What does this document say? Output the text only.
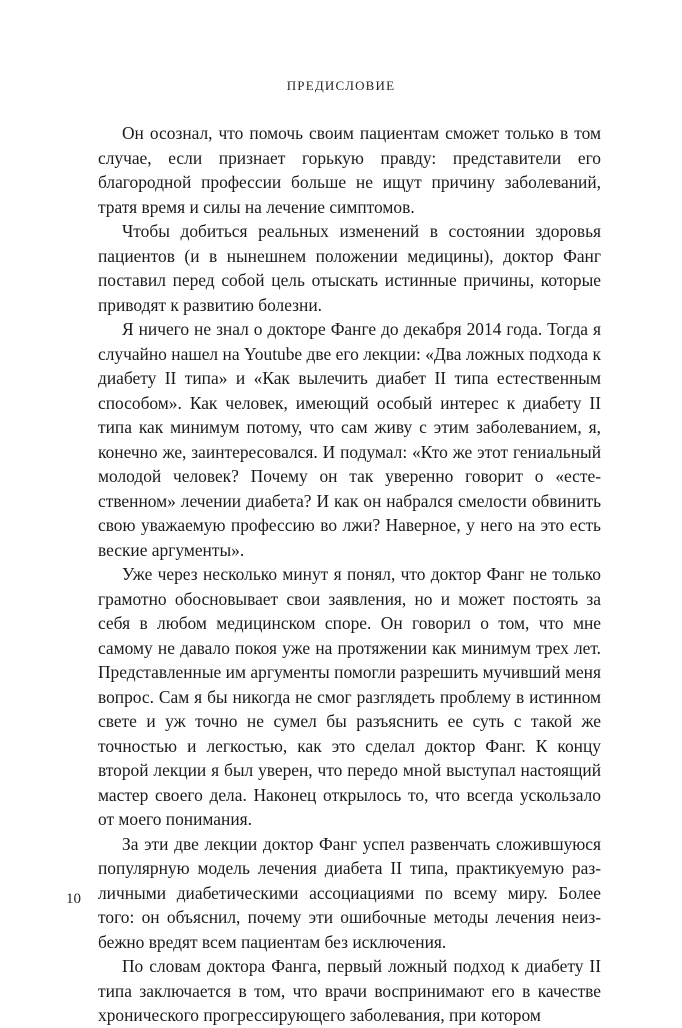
ПРЕДИСЛОВИЕ

Он осознал, что помочь своим пациентам сможет только в том случае, если признает горькую правду: представители его благородной профессии больше не ищут причину заболеваний, тратя время и силы на лечение симптомов.

Чтобы добиться реальных изменений в состоянии здоровья пациентов (и в нынешнем положении медицины), доктор Фанг поставил перед собой цель отыскать истинные причины, которые приводят к развитию болезни.

Я ничего не знал о докторе Фанге до декабря 2014 года. Тогда я случайно нашел на Youtube две его лекции: «Два ложных подхода к диабету II типа» и «Как вылечить диабет II типа естественным способом». Как человек, имеющий особый интерес к диабету II типа как минимум потому, что сам живу с этим заболеванием, я, конечно же, заинтересовался. И подумал: «Кто же этот гениальный молодой человек? Почему он так уверенно говорит о «естественном» лечении диабета? И как он набрался смелости обвинить свою уважаемую профессию во лжи? Наверное, у него на это есть веские аргументы».

Уже через несколько минут я понял, что доктор Фанг не только грамотно обосновывает свои заявления, но и может постоять за себя в любом медицинском споре. Он говорил о том, что мне самому не давало покоя уже на протяжении как минимум трех лет. Представленные им аргументы помогли разрешить мучивший меня вопрос. Сам я бы никогда не смог разглядеть проблему в истинном свете и уж точно не сумел бы разъяснить ее суть с такой же точностью и легкостью, как это сделал доктор Фанг. К концу второй лекции я был уверен, что передо мной выступал настоящий мастер своего дела. Наконец открылось то, что всегда ускользало от моего понимания.

За эти две лекции доктор Фанг успел развенчать сложившуюся популярную модель лечения диабета II типа, практикуемую различными диабетическими ассоциациями по всему миру. Более того: он объяснил, почему эти ошибочные методы лечения неизбежно вредят всем пациентам без исключения.

По словам доктора Фанга, первый ложный подход к диабету II типа заключается в том, что врачи воспринимают его в качестве хронического прогрессирующего заболевания, при котором

10
